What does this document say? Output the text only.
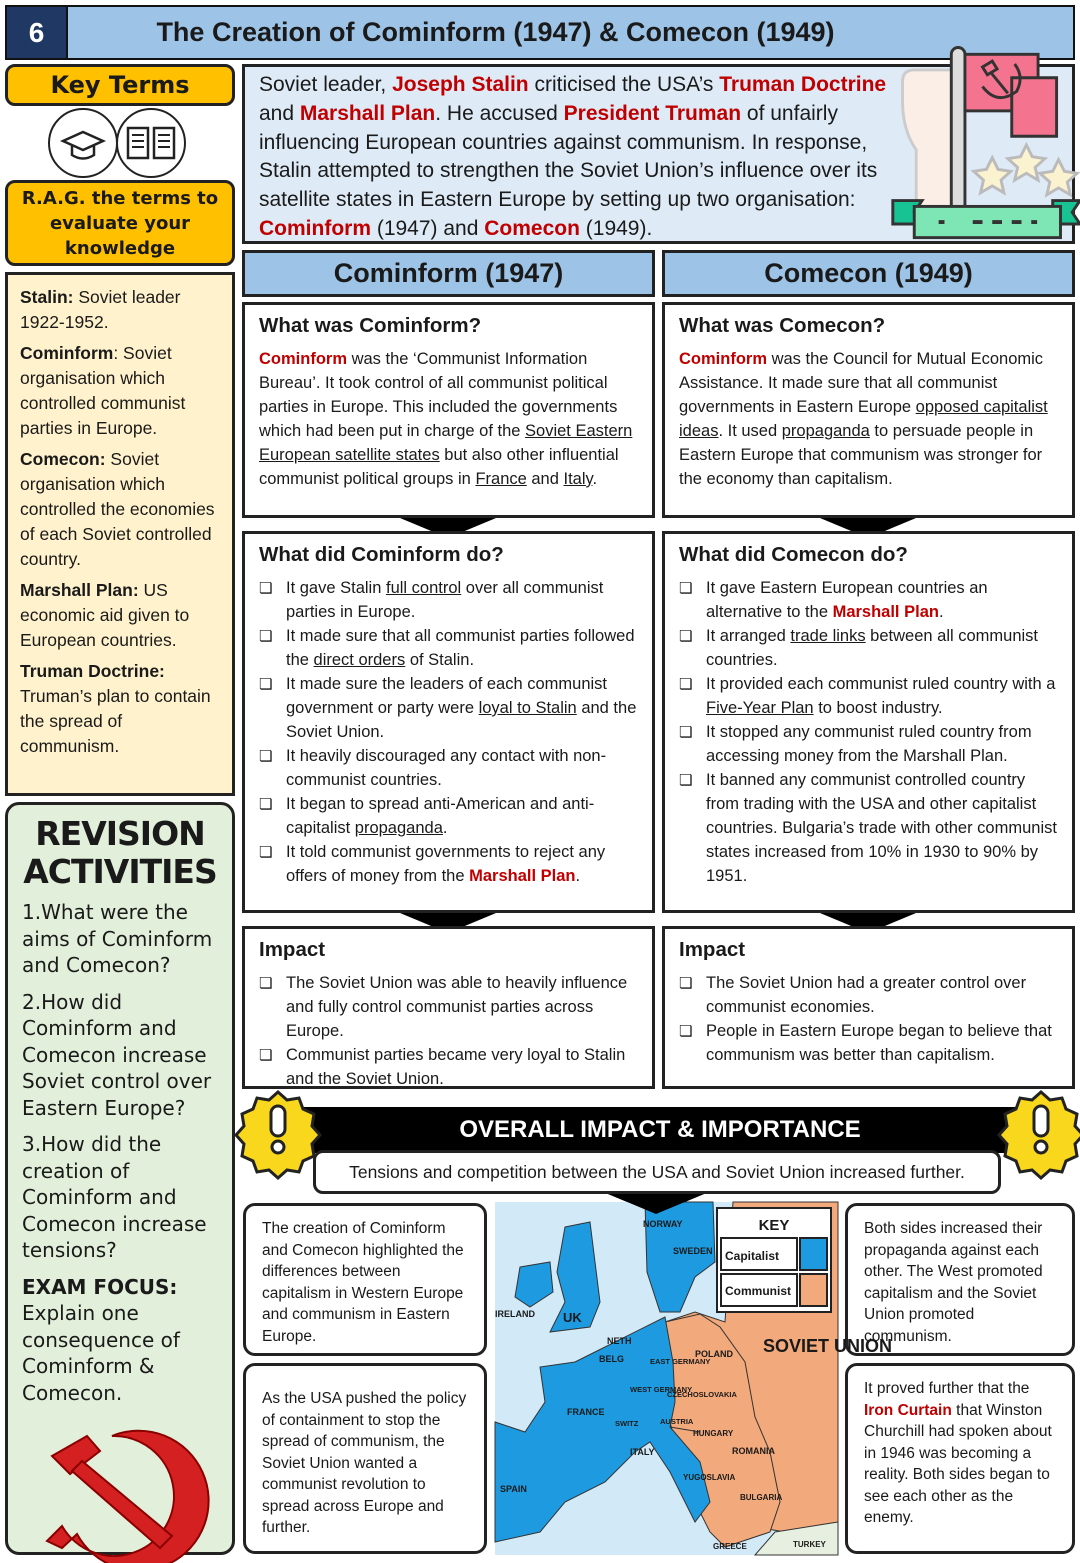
6	The Creation of Cominform (1947) & Comecon (1949)
Key Terms
R.A.G. the terms to evaluate your knowledge

Stalin: Soviet leader 1922-1952.

Cominform: Soviet organisation which controlled communist parties in Europe.

Comecon: Soviet organisation which controlled the economies of each Soviet controlled country.

Marshall Plan: US economic aid given to European countries.

Truman Doctrine: Truman’s plan to contain the spread of communism.

REVISION ACTIVITIES

1.What were the aims of Cominform and Comecon?

2.How did Cominform and Comecon increase Soviet control over Eastern Europe?

3.How did the creation of Cominform and Comecon increase tensions?

EXAM FOCUS:

Explain one consequence of Cominform & Comecon.

Soviet leader, Joseph Stalin criticised the USA’s Truman Doctrine and Marshall Plan. He accused President Truman of unfairly influencing European countries against communism. In response, Stalin attempted to strengthen the Soviet Union’s influence over its satellite states in Eastern Europe by setting up two organisation: Cominform (1947) and Comecon (1949).
Cominform (1947)	Comecon (1949)
What was Cominform?
Cominform was the ‘Communist Information Bureau’. It took control of all communist political parties in Europe. This included the governments which had been put in charge of the Soviet Eastern European satellite states but also other influential communist political groups in France and Italy.
What did Cominform do?
❏ It gave Stalin full control over all communist parties in Europe.
❏ It made sure that all communist parties followed the direct orders of Stalin.
❏ It made sure the leaders of each communist government or party were loyal to Stalin and the Soviet Union.
❏ It heavily discouraged any contact with non-communist countries.
❏ It began to spread anti-American and anti-capitalist propaganda.
❏ It told communist governments to reject any offers of money from the Marshall Plan.
Impact
❏ The Soviet Union was able to heavily influence and fully control communist parties across Europe.
❏ Communist parties became very loyal to Stalin and the Soviet Union.
What was Comecon?
Cominform was the Council for Mutual Economic Assistance. It made sure that all communist governments in Eastern Europe opposed capitalist ideas. It used propaganda to persuade people in Eastern Europe that communism was stronger for the economy than capitalism.
What did Comecon do?
❏ It gave Eastern European countries an alternative to the Marshall Plan.
❏ It arranged trade links between all communist countries.
❏ It provided each communist ruled country with a Five-Year Plan to boost industry.
❏ It stopped any communist ruled country from accessing money from the Marshall Plan.
❏ It banned any communist controlled country from trading with the USA and other capitalist countries. Bulgaria’s trade with other communist states increased from 10% in 1930 to 90% by 1951.
Impact
❏ The Soviet Union had a greater control over communist economies.
❏ People in Eastern Europe began to believe that communism was better than capitalism.
OVERALL IMPACT & IMPORTANCE
Tensions and competition between the USA and Soviet Union increased further.
The creation of Cominform and Comecon highlighted the differences between capitalism in Western Europe and communism in Eastern Europe.
As the USA pushed the policy of containment to stop the spread of communism, the Soviet Union wanted a communist revolution to spread across Europe and further.
Both sides increased their propaganda against each other. The West promoted capitalism and the Soviet Union promoted communism.
It proved further that the Iron Curtain that Winston Churchill had spoken about in 1946 was becoming a reality. Both sides began to see each other as the enemy.
NORWAY
SWEDEN
IRELAND UK
NETH
BELG	EAST GERMANY
POLAND SOVIET UNION
WEST GERMANY
CZECHOSLOVAKIA
FRANCE
SWITZ	AUSTRIA
HUNGARY
ROMANIA
ITALY
YUGOSLAVIA
BULGARIA
SPAIN
GREECE	TURKEY
KEY
Capitalist
Communist
